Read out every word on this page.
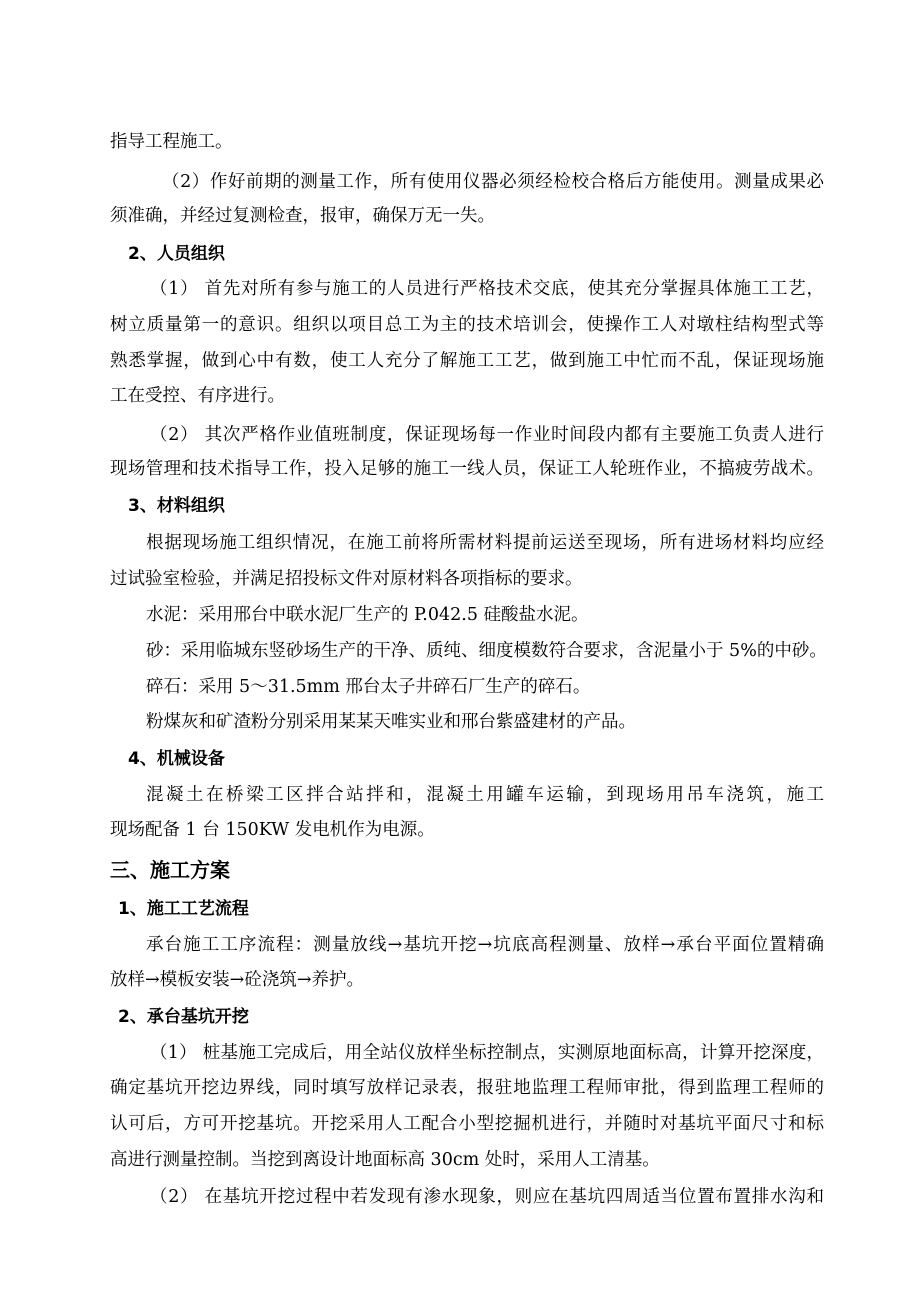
指导工程施工。
（2）作好前期的测量工作，所有使用仪器必须经检校合格后方能使用。测量成果必
须准确，并经过复测检查，报审，确保万无一失。
2、人员组织
（1） 首先对所有参与施工的人员进行严格技术交底，使其充分掌握具体施工工艺，
树立质量第一的意识。组织以项目总工为主的技术培训会，使操作工人对墩柱结构型式等
熟悉掌握，做到心中有数，使工人充分了解施工工艺，做到施工中忙而不乱，保证现场施
工在受控、有序进行。
（2） 其次严格作业值班制度，保证现场每一作业时间段内都有主要施工负责人进行
现场管理和技术指导工作，投入足够的施工一线人员，保证工人轮班作业，不搞疲劳战术。
3、材料组织
根据现场施工组织情况，在施工前将所需材料提前运送至现场，所有进场材料均应经
过试验室检验，并满足招投标文件对原材料各项指标的要求。
水泥：采用邢台中联水泥厂生产的 P.042.5 硅酸盐水泥。
砂：采用临城东竖砂场生产的干净、质纯、细度模数符合要求，含泥量小于 5%的中砂。
碎石：采用 5～31.5mm 邢台太子井碎石厂生产的碎石。
粉煤灰和矿渣粉分别采用某某天唯实业和邢台紫盛建材的产品。
4、机械设备
混凝土在桥梁工区拌合站拌和，混凝土用罐车运输，到现场用吊车浇筑，施工
现场配备 1 台 150KW 发电机作为电源。
三、施工方案
1、施工工艺流程
承台施工工序流程：测量放线→基坑开挖→坑底高程测量、放样→承台平面位置精确
放样→模板安装→砼浇筑→养护。
2、承台基坑开挖
（1） 桩基施工完成后，用全站仪放样坐标控制点，实测原地面标高，计算开挖深度，
确定基坑开挖边界线，同时填写放样记录表，报驻地监理工程师审批，得到监理工程师的
认可后，方可开挖基坑。开挖采用人工配合小型挖掘机进行，并随时对基坑平面尺寸和标
高进行测量控制。当挖到离设计地面标高 30cm 处时，采用人工清基。
（2） 在基坑开挖过程中若发现有渗水现象，则应在基坑四周适当位置布置排水沟和
